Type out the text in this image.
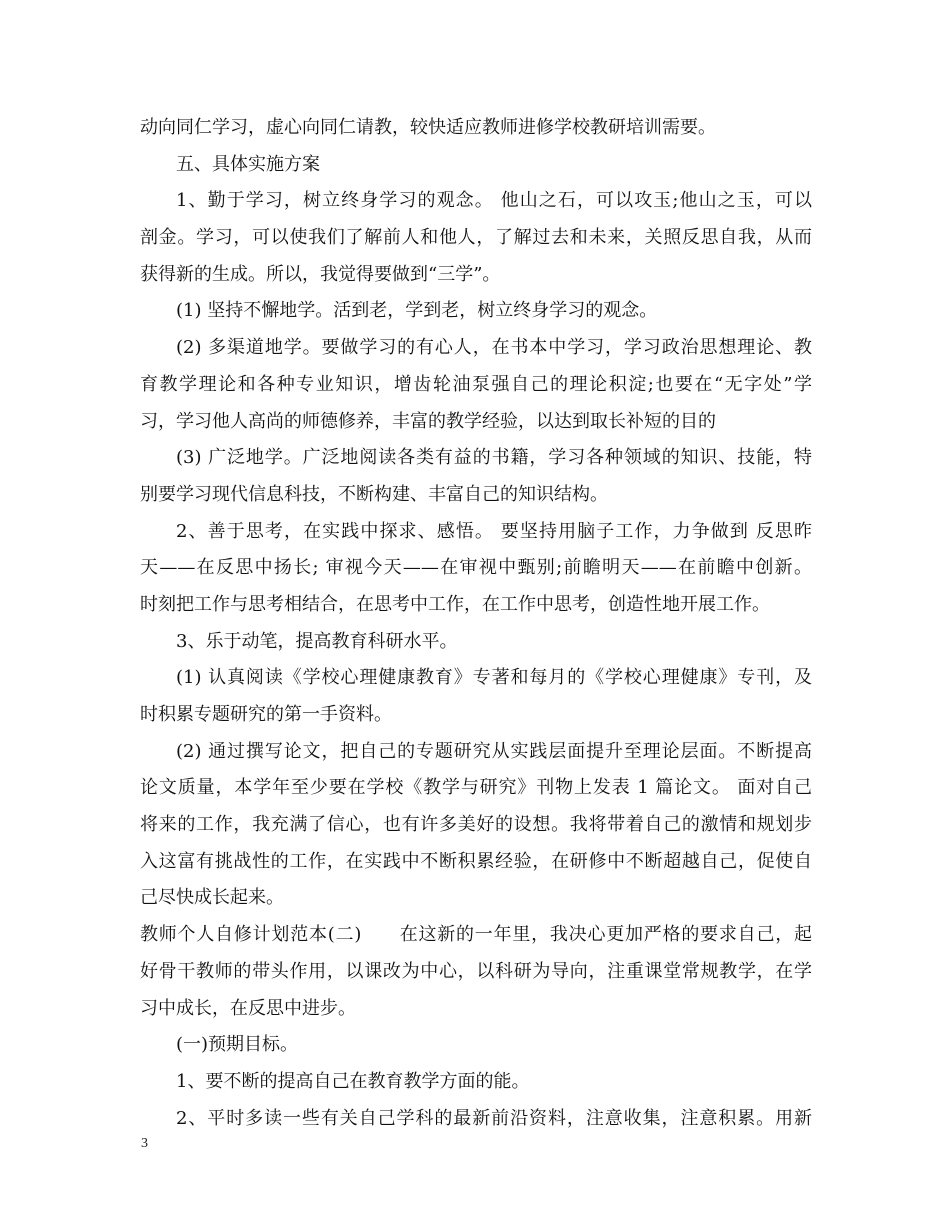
动向同仁学习，虚心向同仁请教，较快适应教师进修学校教研培训需要。
五、具体实施方案
1、勤于学习，树立终身学习的观念。 他山之石，可以攻玉;他山之玉，可以
剖金。学习，可以使我们了解前人和他人，了解过去和未来，关照反思自我，从而
获得新的生成。所以，我觉得要做到“三学”。
(1) 坚持不懈地学。活到老，学到老，树立终身学习的观念。
(2) 多渠道地学。要做学习的有心人，在书本中学习，学习政治思想理论、教
育教学理论和各种专业知识，增齿轮油泵强自己的理论积淀;也要在“无字处”学
习，学习他人高尚的师德修养，丰富的教学经验，以达到取长补短的目的
(3) 广泛地学。广泛地阅读各类有益的书籍，学习各种领域的知识、技能，特
别要学习现代信息科技，不断构建、丰富自己的知识结构。
2、善于思考，在实践中探求、感悟。 要坚持用脑子工作，力争做到 反思昨
天——在反思中扬长; 审视今天——在审视中甄别;前瞻明天——在前瞻中创新。
时刻把工作与思考相结合，在思考中工作，在工作中思考，创造性地开展工作。
3、乐于动笔，提高教育科研水平。
(1) 认真阅读《学校心理健康教育》专著和每月的《学校心理健康》专刊，及
时积累专题研究的第一手资料。
(2) 通过撰写论文，把自己的专题研究从实践层面提升至理论层面。不断提高
论文质量，本学年至少要在学校《教学与研究》刊物上发表 1 篇论文。 面对自己
将来的工作，我充满了信心，也有许多美好的设想。我将带着自己的激情和规划步
入这富有挑战性的工作，在实践中不断积累经验，在研修中不断超越自己，促使自
己尽快成长起来。
教师个人自修计划范本(二)　　在这新的一年里，我决心更加严格的要求自己，起
好骨干教师的带头作用，以课改为中心，以科研为导向，注重课堂常规教学，在学
习中成长，在反思中进步。
(一)预期目标。
1、要不断的提高自己在教育教学方面的能。
2、平时多读一些有关自己学科的最新前沿资料，注意收集，注意积累。用新
3
